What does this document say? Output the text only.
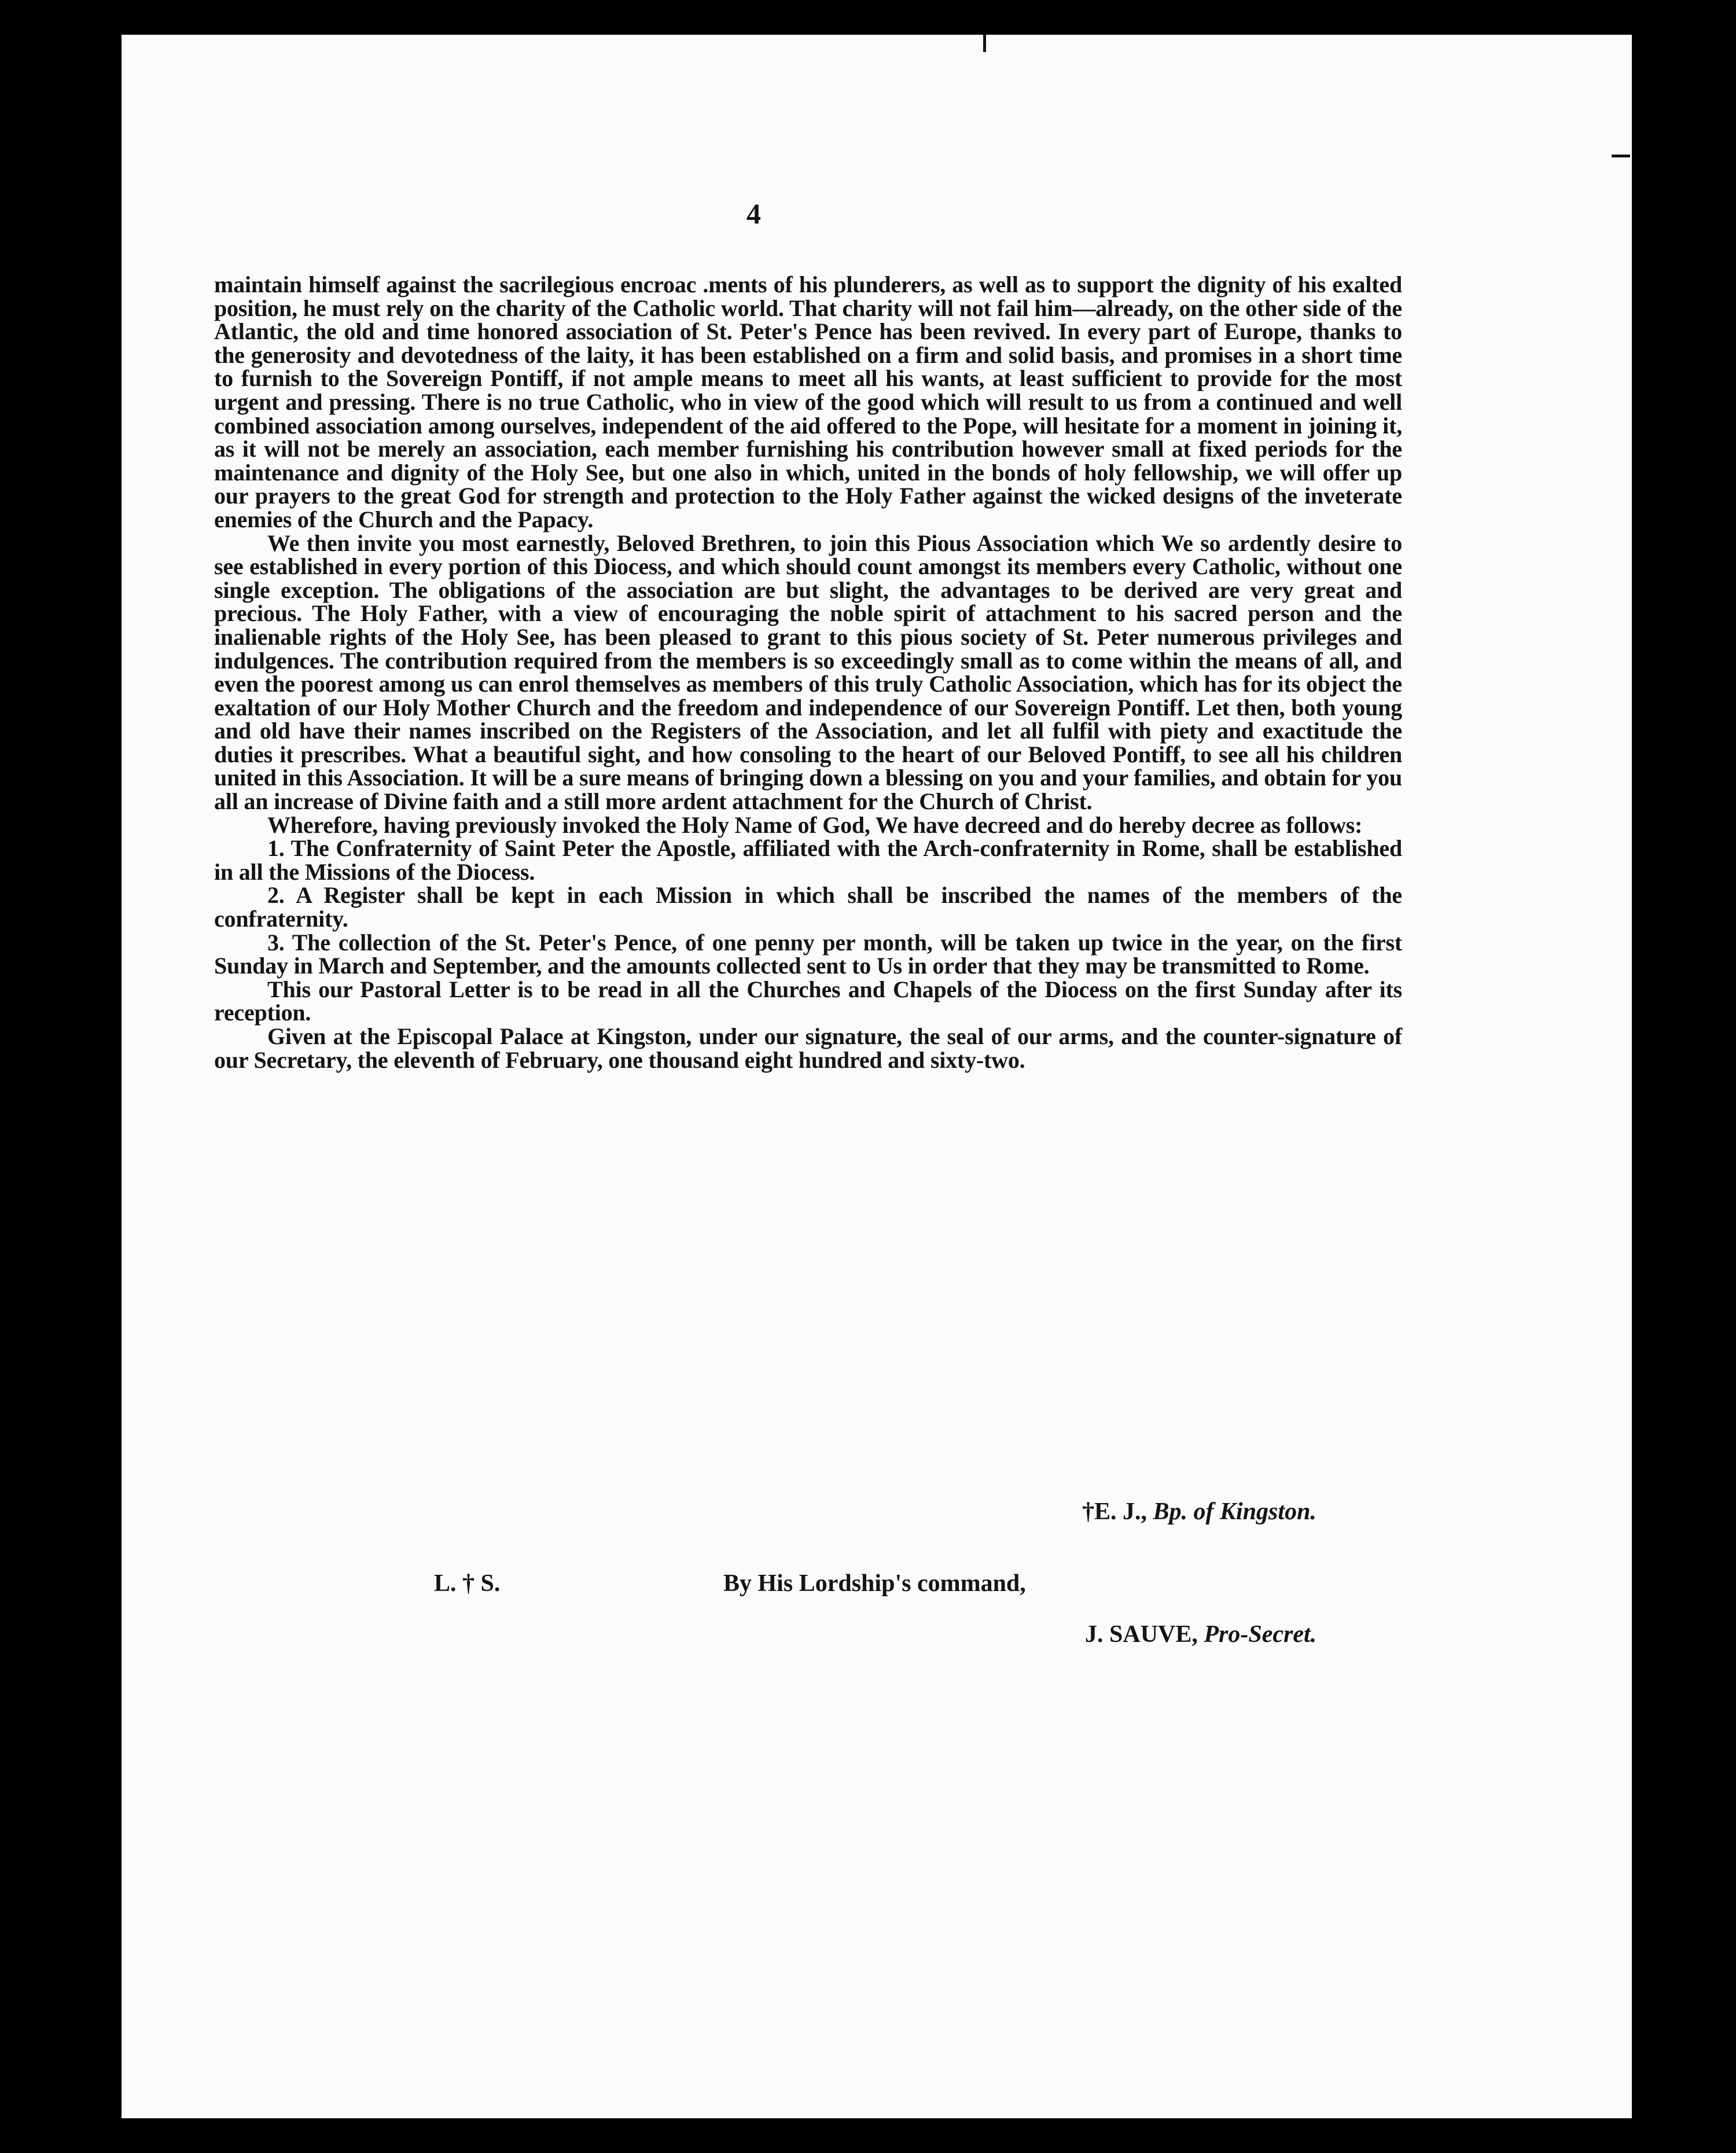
4

maintain himself against the sacrilegious encroac .ments of his plunderers, as well as to support the dignity of his exalted position, he must rely on the charity of the Catholic world. That charity will not fail him—already, on the other side of the Atlantic, the old and time honored association of St. Peter's Pence has been revived. In every part of Europe, thanks to the generosity and devotedness of the laity, it has been established on a firm and solid basis, and promises in a short time to furnish to the Sovereign Pontiff, if not ample means to meet all his wants, at least sufficient to provide for the most urgent and pressing. There is no true Catholic, who in view of the good which will result to us from a continued and well combined association among ourselves, independent of the aid offered to the Pope, will hesitate for a moment in joining it, as it will not be merely an association, each member furnishing his contribution however small at fixed periods for the maintenance and dignity of the Holy See, but one also in which, united in the bonds of holy fellowship, we will offer up our prayers to the great God for strength and protection to the Holy Father against the wicked designs of the inveterate enemies of the Church and the Papacy.

We then invite you most earnestly, Beloved Brethren, to join this Pious Association which We so ardently desire to see established in every portion of this Diocess, and which should count amongst its members every Catholic, without one single exception. The obligations of the association are but slight, the advantages to be derived are very great and precious. The Holy Father, with a view of encouraging the noble spirit of attachment to his sacred person and the inalienable rights of the Holy See, has been pleased to grant to this pious society of St. Peter numerous privileges and indulgences. The contribution required from the members is so exceedingly small as to come within the means of all, and even the poorest among us can enrol themselves as members of this truly Catholic Association, which has for its object the exaltation of our Holy Mother Church and the freedom and independence of our Sovereign Pontiff. Let then, both young and old have their names inscribed on the Registers of the Association, and let all fulfil with piety and exactitude the duties it prescribes. What a beautiful sight, and how consoling to the heart of our Beloved Pontiff, to see all his children united in this Association. It will be a sure means of bringing down a blessing on you and your families, and obtain for you all an increase of Divine faith and a still more ardent attachment for the Church of Christ.

Wherefore, having previously invoked the Holy Name of God, We have decreed and do hereby decree as follows:

1. The Confraternity of Saint Peter the Apostle, affiliated with the Arch-confraternity in Rome, shall be established in all the Missions of the Diocess.

2. A Register shall be kept in each Mission in which shall be inscribed the names of the members of the confraternity.

3. The collection of the St. Peter's Pence, of one penny per month, will be taken up twice in the year, on the first Sunday in March and September, and the amounts collected sent to Us in order that they may be transmitted to Rome.

This our Pastoral Letter is to be read in all the Churches and Chapels of the Diocess on the first Sunday after its reception.

Given at the Episcopal Palace at Kingston, under our signature, the seal of our arms, and the counter-signature of our Secretary, the eleventh of February, one thousand eight hundred and sixty-two.

†E. J., Bp. of Kingston.
L. † S.	By His Lordship's command,
J. SAUVE, Pro-Secret.
